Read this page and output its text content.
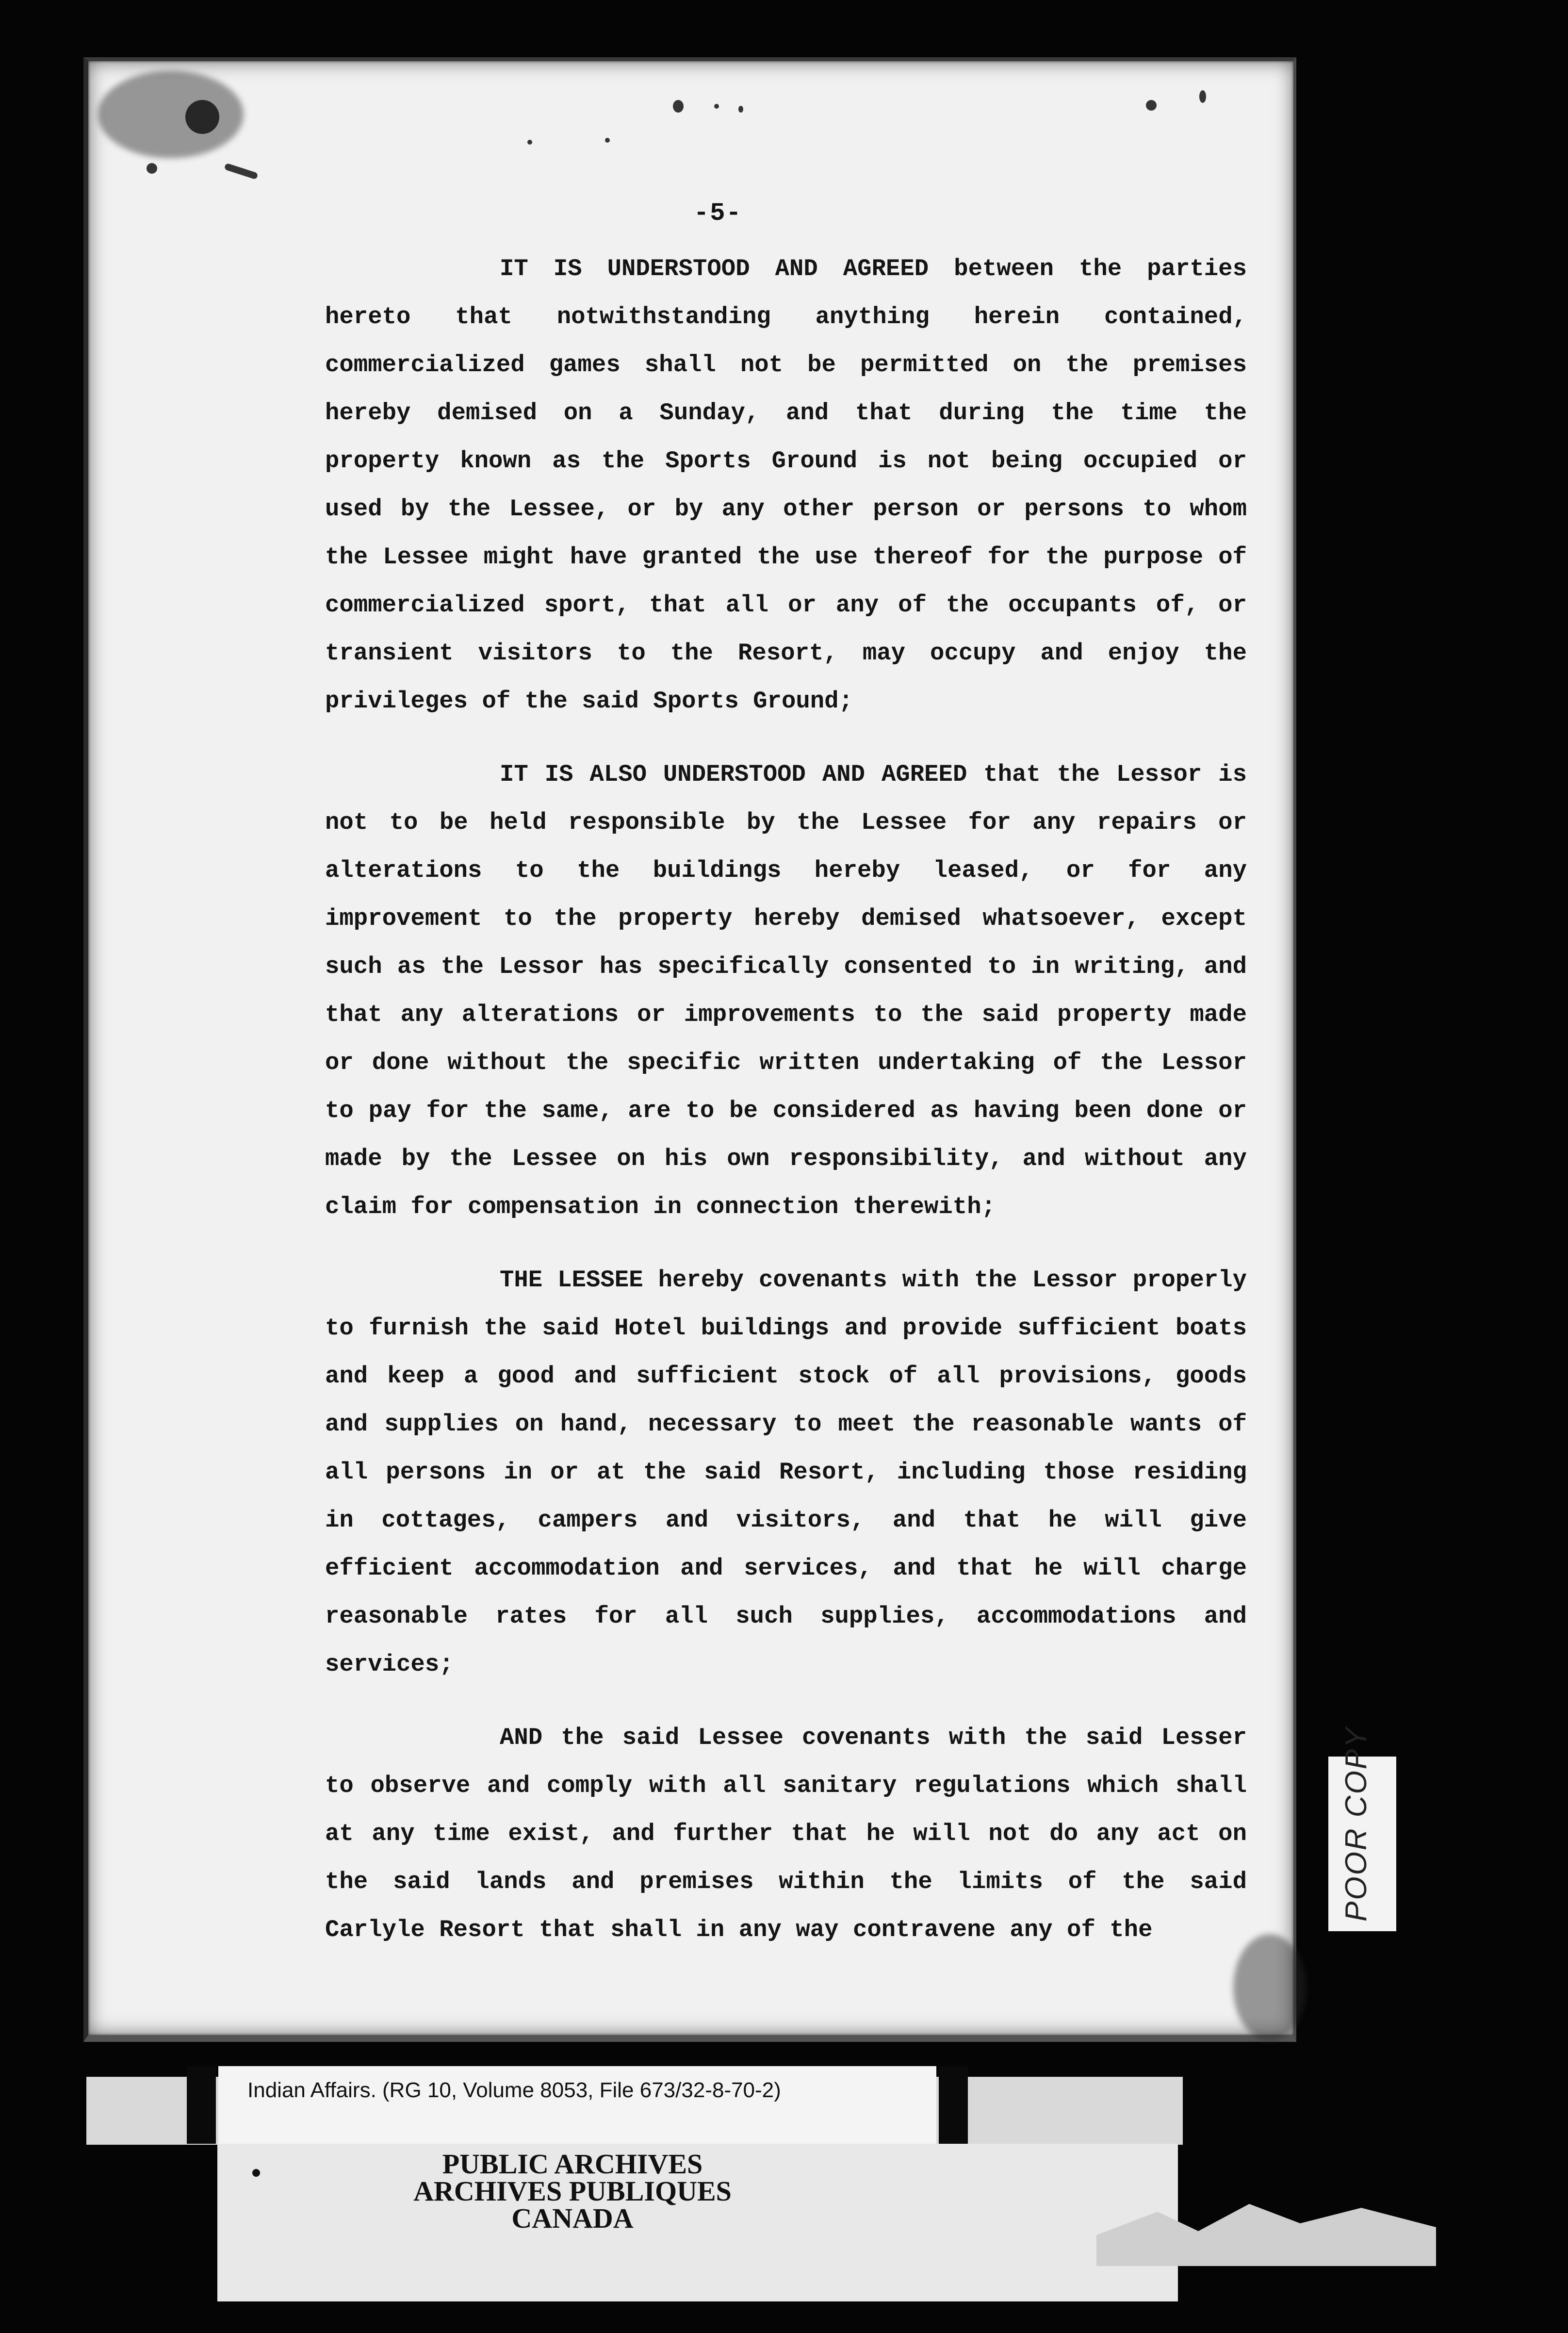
-5-

IT IS UNDERSTOOD AND AGREED between the parties hereto that notwithstanding anything herein contained, commercialized games shall not be permitted on the premises hereby demised on a Sunday, and that during the time the property known as the Sports Ground is not being occupied or used by the Lessee, or by any other person or persons to whom the Lessee might have granted the use thereof for the purpose of commercialized sport, that all or any of the occupants of, or transient visitors to the Resort, may occupy and enjoy the privileges of the said Sports Ground;

IT IS ALSO UNDERSTOOD AND AGREED that the Lessor is not to be held responsible by the Lessee for any repairs or alterations to the buildings hereby leased, or for any improvement to the property hereby demised whatsoever, except such as the Lessor has specifically consented to in writing, and that any alterations or improvements to the said property made or done without the specific written undertaking of the Lessor to pay for the same, are to be considered as having been done or made by the Lessee on his own responsibility, and without any claim for compensation in connection therewith;

THE LESSEE hereby covenants with the Lessor properly to furnish the said Hotel buildings and provide sufficient boats and keep a good and sufficient stock of all provisions, goods and supplies on hand, necessary to meet the reasonable wants of all persons in or at the said Resort, including those residing in cottages, campers and visitors, and that he will give efficient accommodation and services, and that he will charge reasonable rates for all such supplies, accommodations and services;

AND the said Lessee covenants with the said Lesser to observe and comply with all sanitary regulations which shall at any time exist, and further that he will not do any act on the said lands and premises within the limits of the said Carlyle Resort that shall in any way contravene any of the

POOR COPY
Indian Affairs. (RG 10, Volume 8053, File 673/32-8-70-2)
PUBLIC ARCHIVES
ARCHIVES PUBLIQUES
CANADA
